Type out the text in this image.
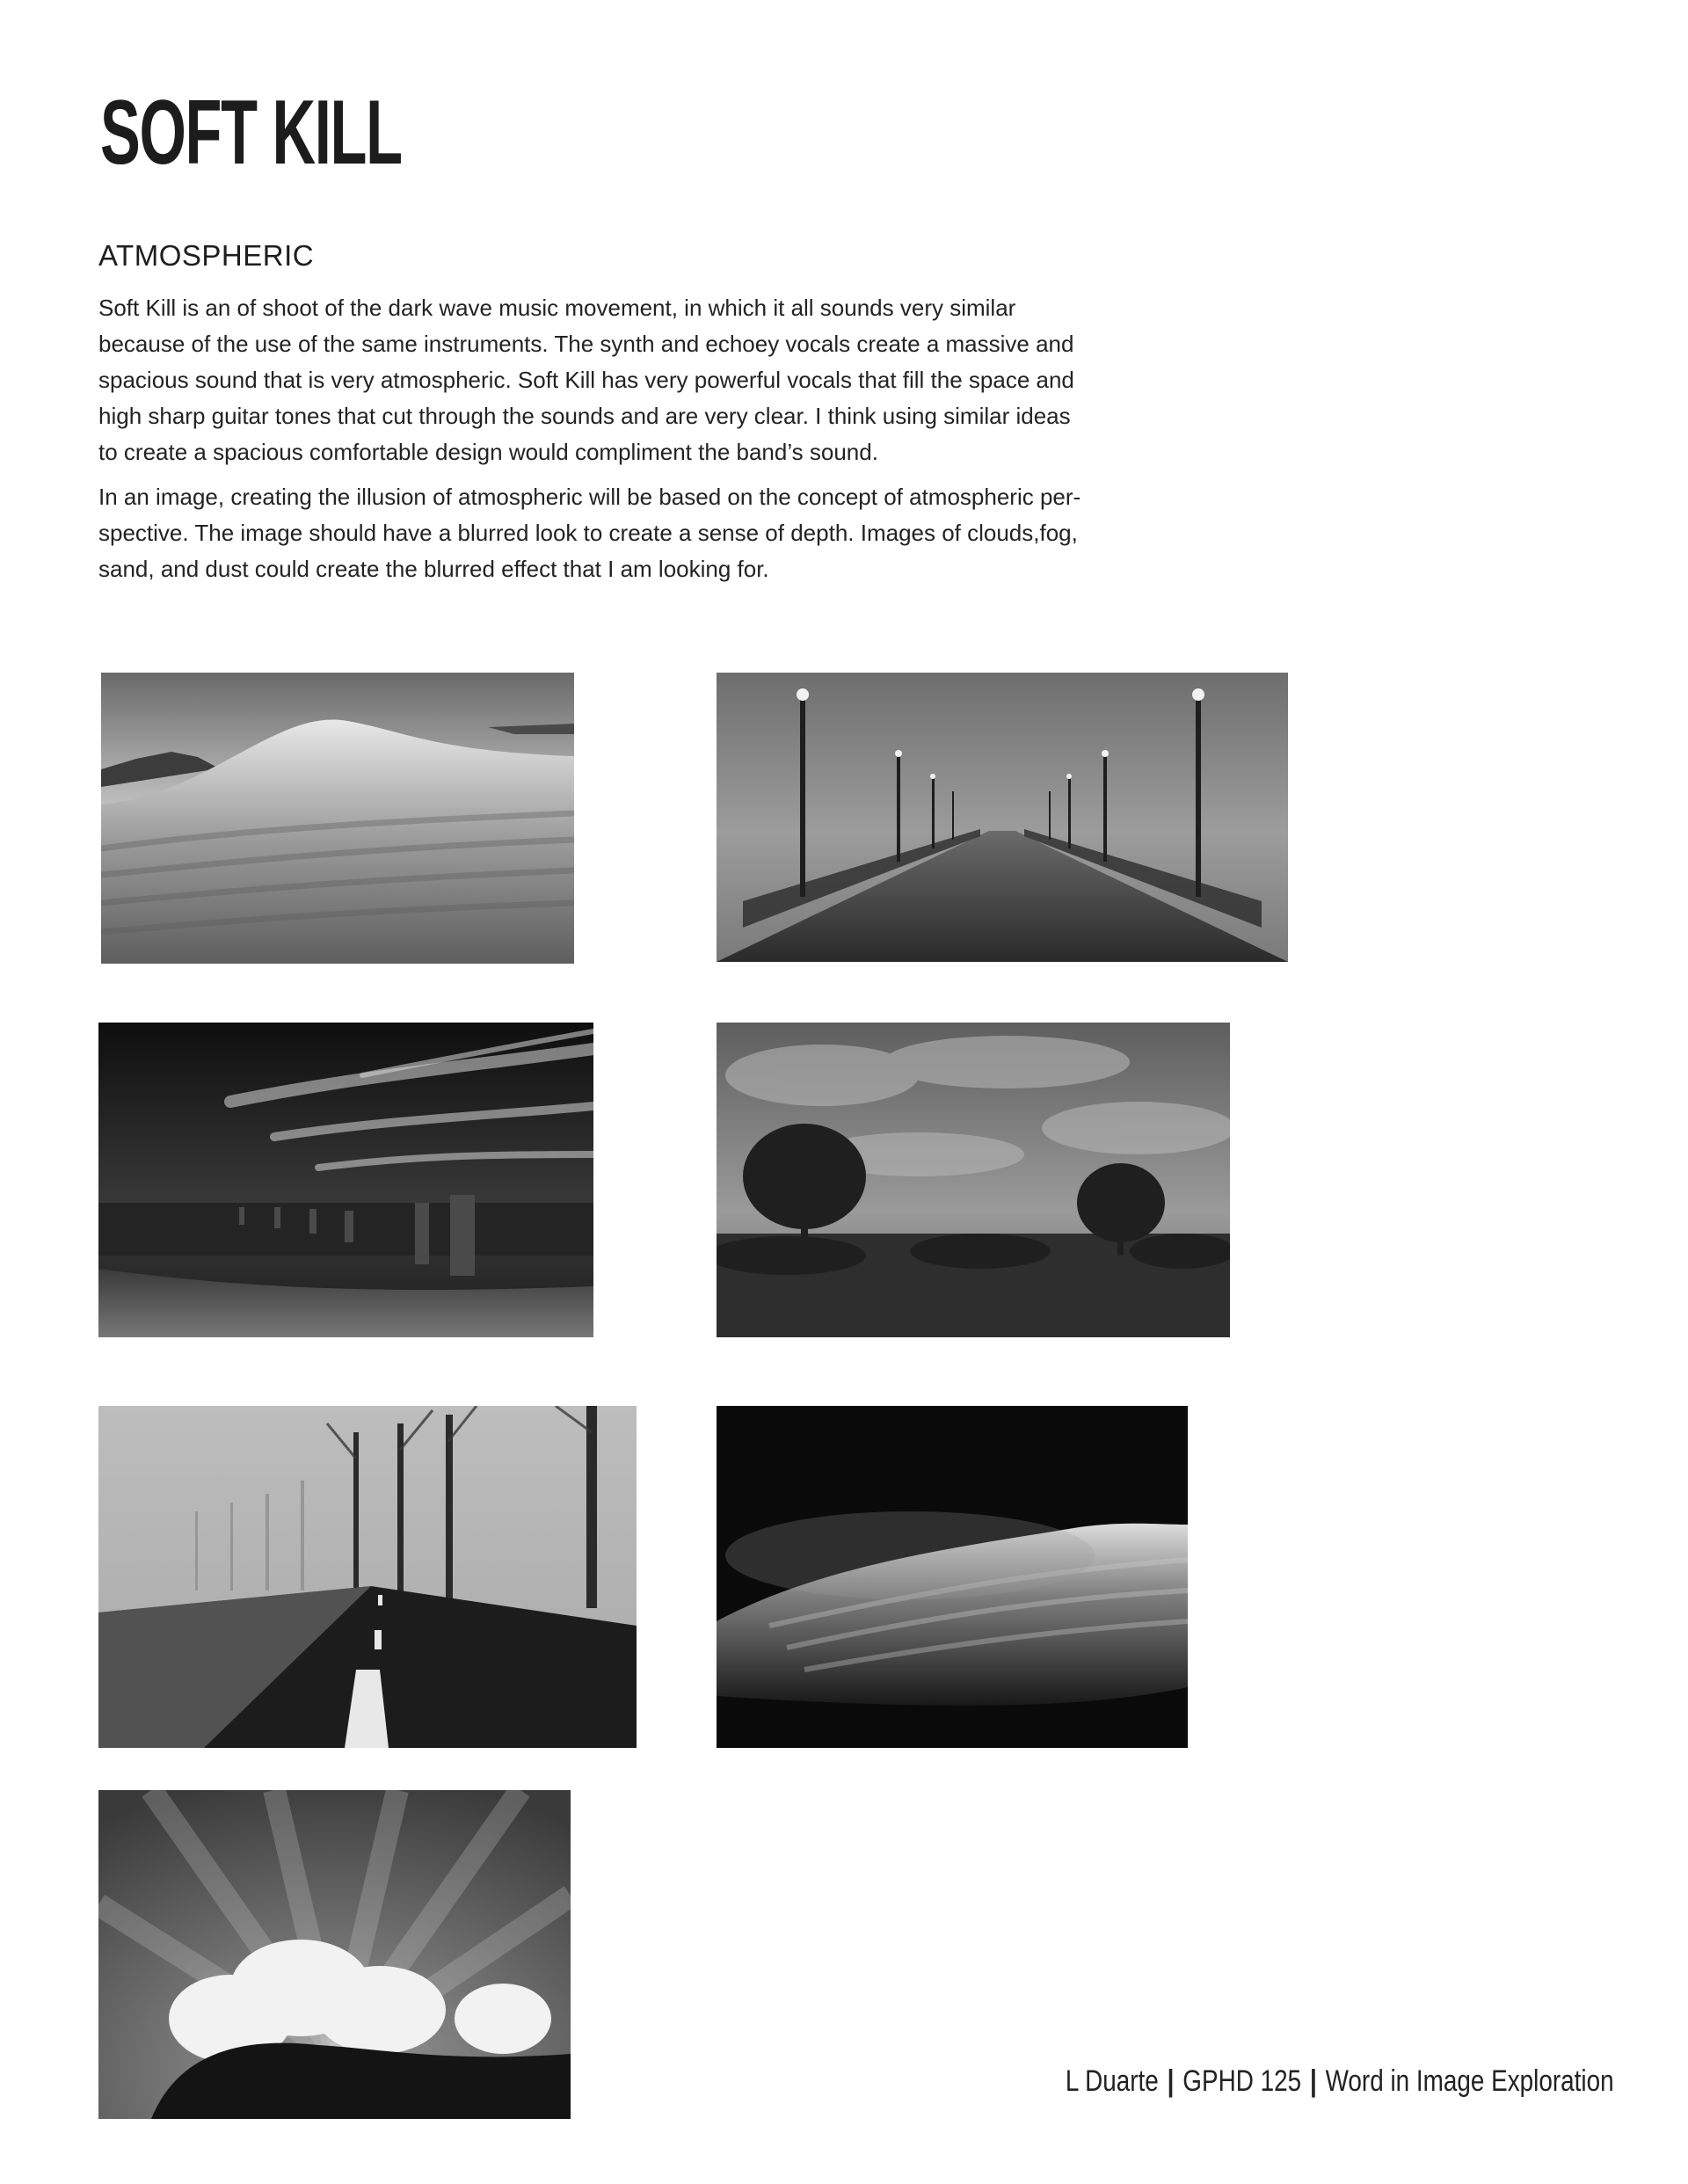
SOFT KILL
ATMOSPHERIC

Soft Kill is an of shoot of the dark wave music movement, in which it all sounds very similar
because of the use of the same instruments. The synth and echoey vocals create a massive and
spacious sound that is very atmospheric. Soft Kill has very powerful vocals that fill the space and
high sharp guitar tones that cut through the sounds and are very clear. I think using similar ideas
to create a spacious comfortable design would compliment the band’s sound.

In an image, creating the illusion of atmospheric will be based on the concept of atmospheric per-
spective. The image should have a blurred look to create a sense of depth. Images of clouds,fog,
sand, and dust could create the blurred effect that I am looking for.

L Duarte | GPHD 125 | Word in Image Exploration
